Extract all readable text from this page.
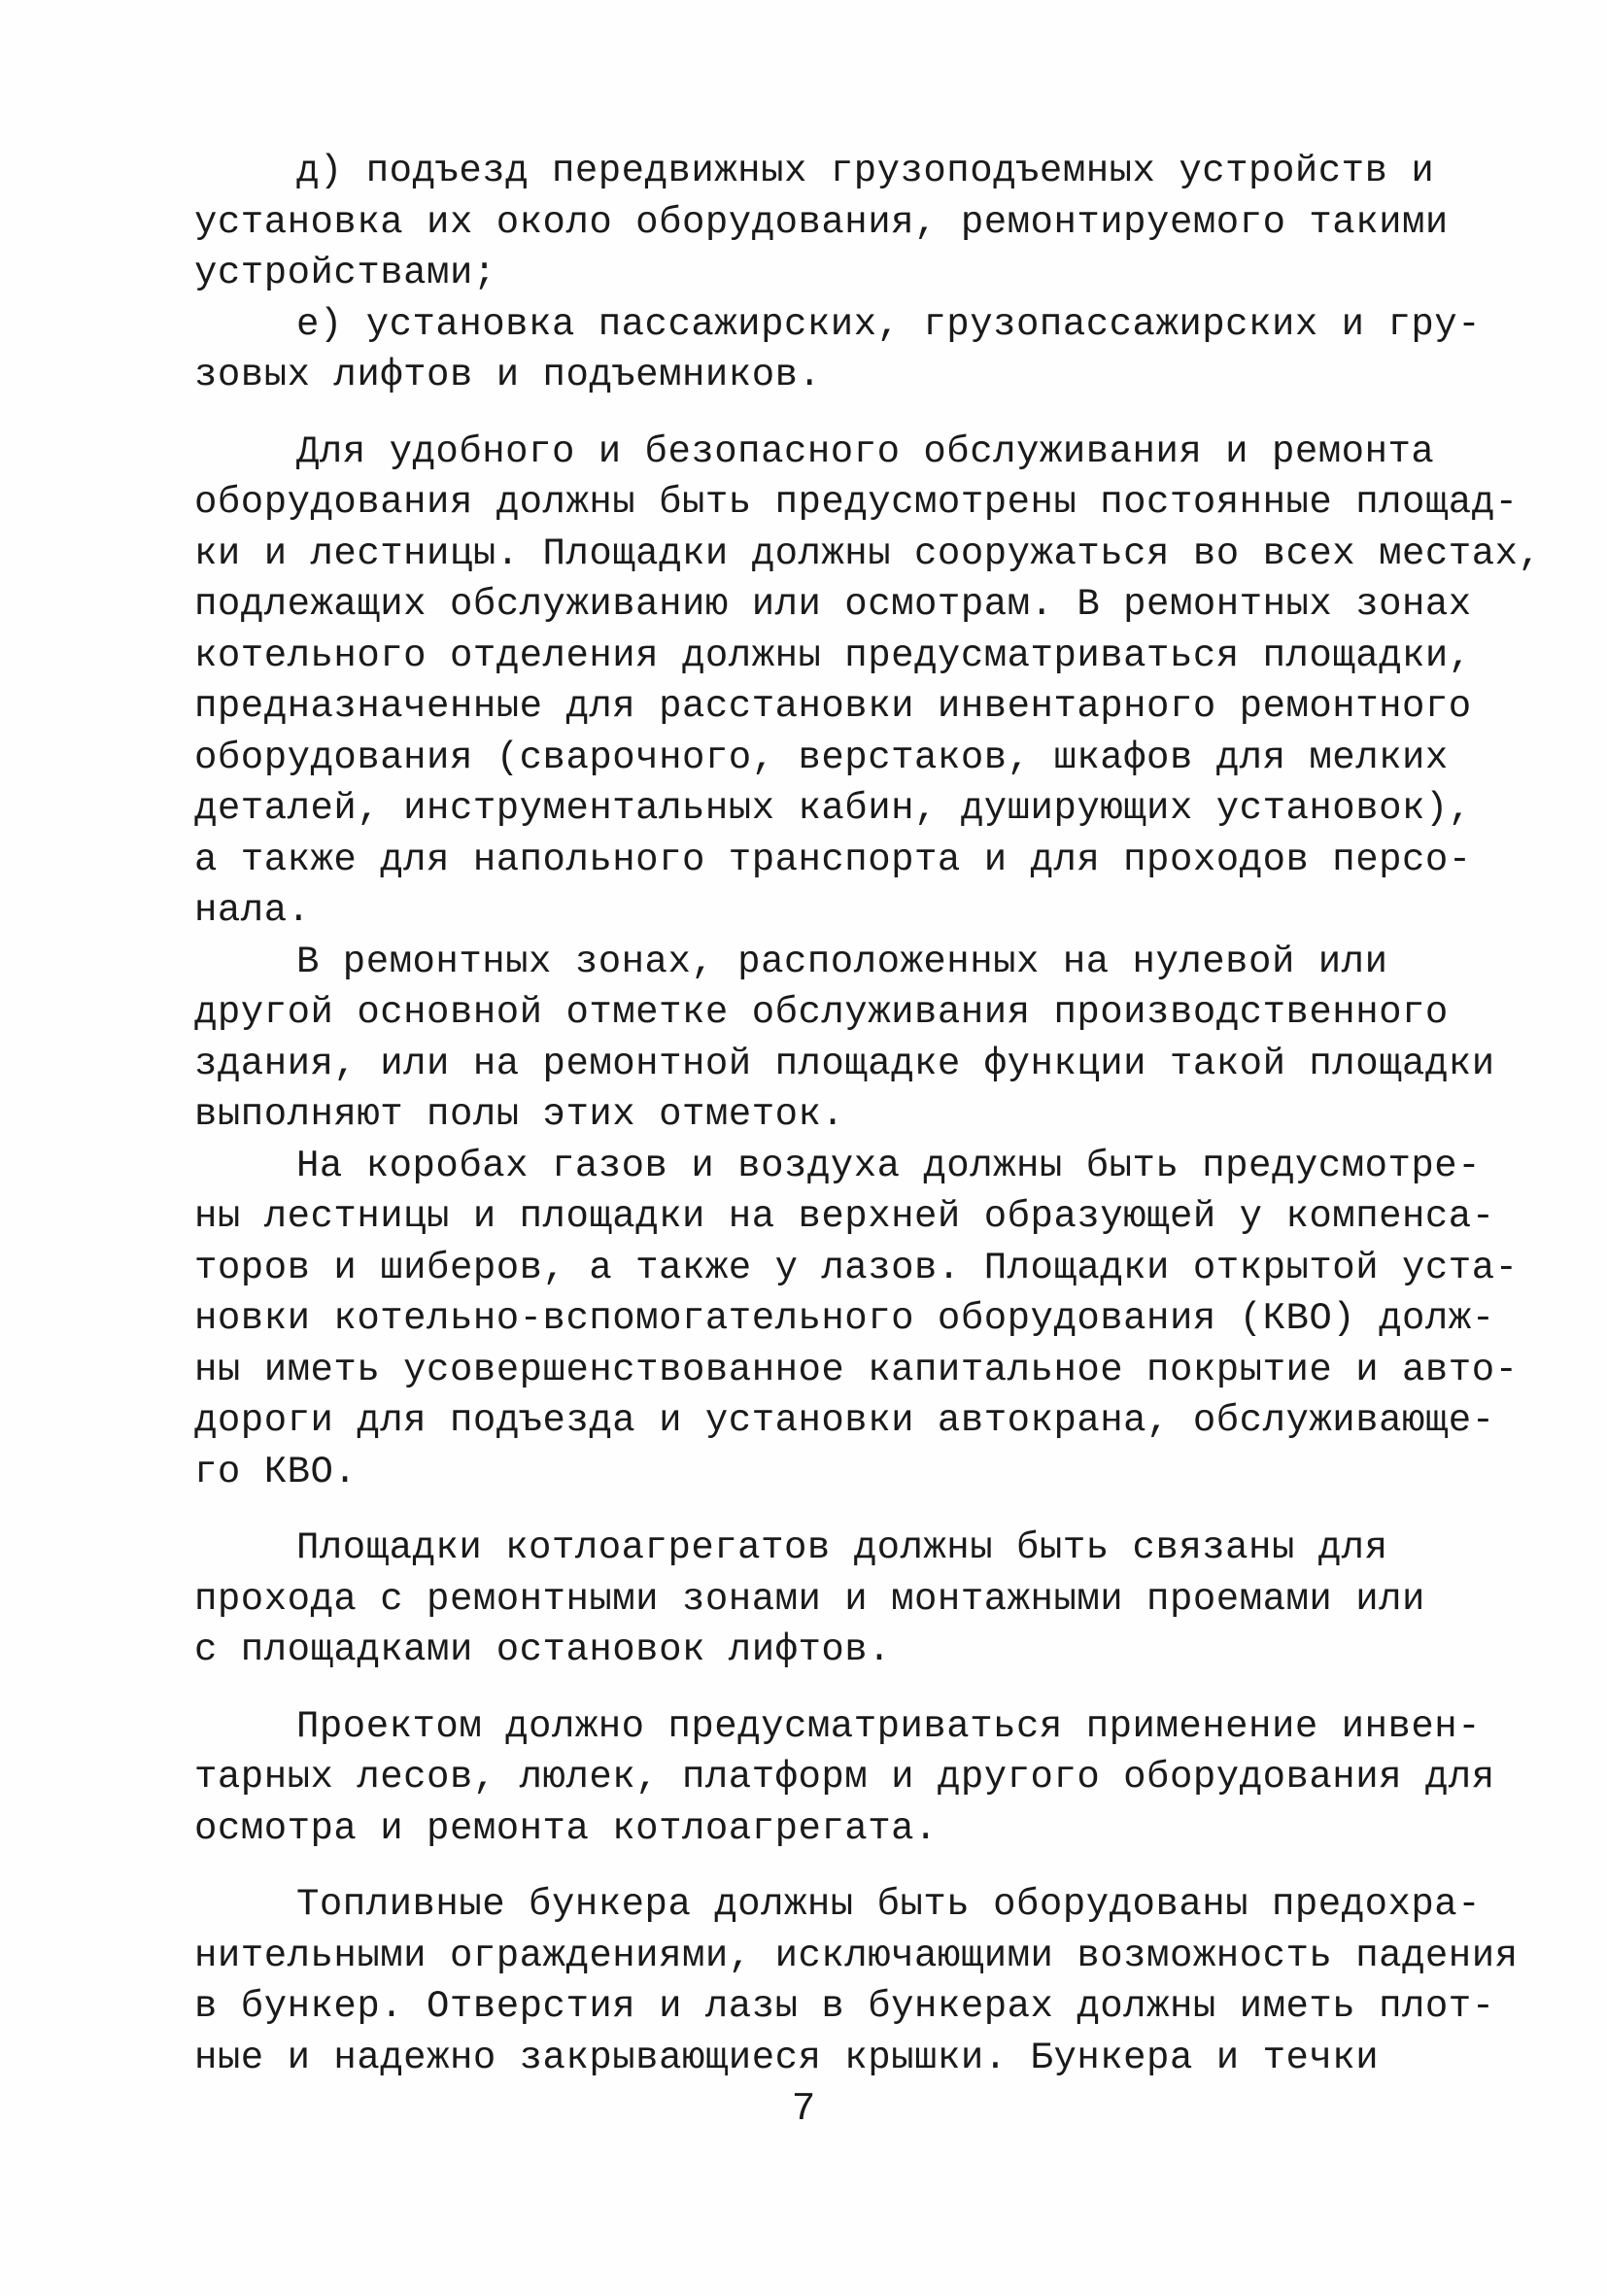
д) подъезд передвижных грузоподъемных устройств и
установка их около оборудования, ремонтируемого такими
устройствами;
е) установка пассажирских, грузопассажирских и гру-
зовых лифтов и подъемников.
Для удобного и безопасного обслуживания и ремонта
оборудования должны быть предусмотрены постоянные площад-
ки и лестницы. Площадки должны сооружаться во всех местах,
подлежащих обслуживанию или осмотрам. В ремонтных зонах
котельного отделения должны предусматриваться площадки,
предназначенные для расстановки инвентарного ремонтного
оборудования (сварочного, верстаков, шкафов для мелких
деталей, инструментальных кабин, душирующих установок),
а также для напольного транспорта и для проходов персо-
нала.
В ремонтных зонах, расположенных на нулевой или
другой основной отметке обслуживания производственного
здания, или на ремонтной площадке функции такой площадки
выполняют полы этих отметок.
На коробах газов и воздуха должны быть предусмотре-
ны лестницы и площадки на верхней образующей у компенса-
торов и шиберов, а также у лазов. Площадки открытой уста-
новки котельно-вспомогательного оборудования (КВО) долж-
ны иметь усовершенствованное капитальное покрытие и авто-
дороги для подъезда и установки автокрана, обслуживающе-
го КВО.
Площадки котлоагрегатов должны быть связаны для
прохода с ремонтными зонами и монтажными проемами или
с площадками остановок лифтов.
Проектом должно предусматриваться применение инвен-
тарных лесов, люлек, платформ и другого оборудования для
осмотра и ремонта котлоагрегата.
Топливные бункера должны быть оборудованы предохра-
нительными ограждениями, исключающими возможность падения
в бункер. Отверстия и лазы в бункерах должны иметь плот-
ные и надежно закрывающиеся крышки. Бункера и течки
7
